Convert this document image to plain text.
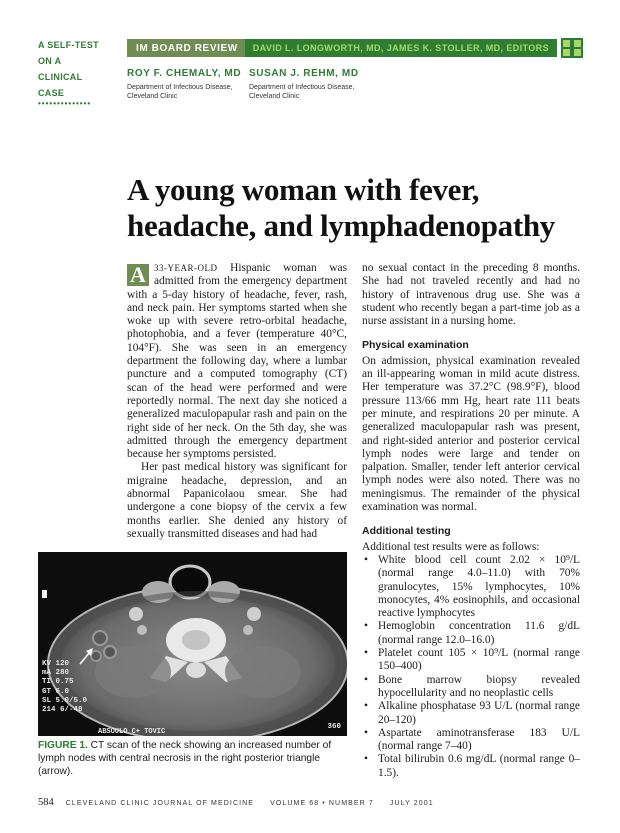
A SELF-TEST
ON A
CLINICAL
CASE
••••••••••••••
IM BOARD REVIEW	DAVID L. LONGWORTH, MD, JAMES K. STOLLER, MD, EDITORS
ROY F. CHEMALY, MD
Department of Infectious Disease,
Cleveland Clinic
SUSAN J. REHM, MD
Department of Infectious Disease,
Cleveland Clinic
A young woman with fever,
headache, and lymphadenopathy

A 33-YEAR-OLD Hispanic woman was admitted from the emergency department with a 5-day history of headache, fever, rash, and neck pain. Her symptoms started when she woke up with severe retro-orbital headache, photophobia, and a fever (temperature 40°C, 104°F). She was seen in an emergency department the following day, where a lumbar puncture and a computed tomography (CT) scan of the head were performed and were reportedly normal. The next day she noticed a generalized maculopapular rash and pain on the right side of her neck. On the 5th day, she was admitted through the emergency department because her symptoms persisted.

Her past medical history was significant for migraine headache, depression, and an abnormal Papanicolaou smear. She had undergone a cone biopsy of the cervix a few months earlier. She denied any history of sexually transmitted diseases and had had

no sexual contact in the preceding 8 months. She had not traveled recently and had no history of intravenous drug use. She was a student who recently began a part-time job as a nurse assistant in a nursing home.

Physical examination

On admission, physical examination revealed an ill-appearing woman in mild acute distress. Her temperature was 37.2°C (98.9°F), blood pressure 113/66 mm Hg, heart rate 111 beats per minute, and respirations 20 per minute. A generalized maculopapular rash was present, and right-sided anterior and posterior cervical lymph nodes were large and tender on palpation. Smaller, tender left anterior cervical lymph nodes were also noted. There was no meningismus. The remainder of the physical examination was normal.

Additional testing

Additional test results were as follows:

• White blood cell count 2.02 × 10⁹/L (normal range 4.0–11.0) with 70% granulocytes, 15% lymphocytes, 10% monocytes, 4% eosinophils, and occasional reactive lymphocytes
• Hemoglobin concentration 11.6 g/dL (normal range 12.0–16.0)
• Platelet count 105 × 10⁹/L (normal range 150–400)
• Bone marrow biopsy revealed hypocellularity and no neoplastic cells
• Alkaline phosphatase 93 U/L (normal range 20–120)
• Aspartate aminotransferase 183 U/L (normal range 7–40)
• Total bilirubin 0.6 mg/dL (normal range 0–1.5).
KV 120
mA 280
TI 0.75
GT 6.0
SL 5.0/5.0
214 6/-48
ABSOULO C+ TOVIC
360
FIGURE 1. CT scan of the neck showing an increased number of lymph nodes with central necrosis in the right posterior triangle (arrow).
584 CLEVELAND CLINIC JOURNAL OF MEDICINE VOLUME 68 • NUMBER 7 JULY 2001
